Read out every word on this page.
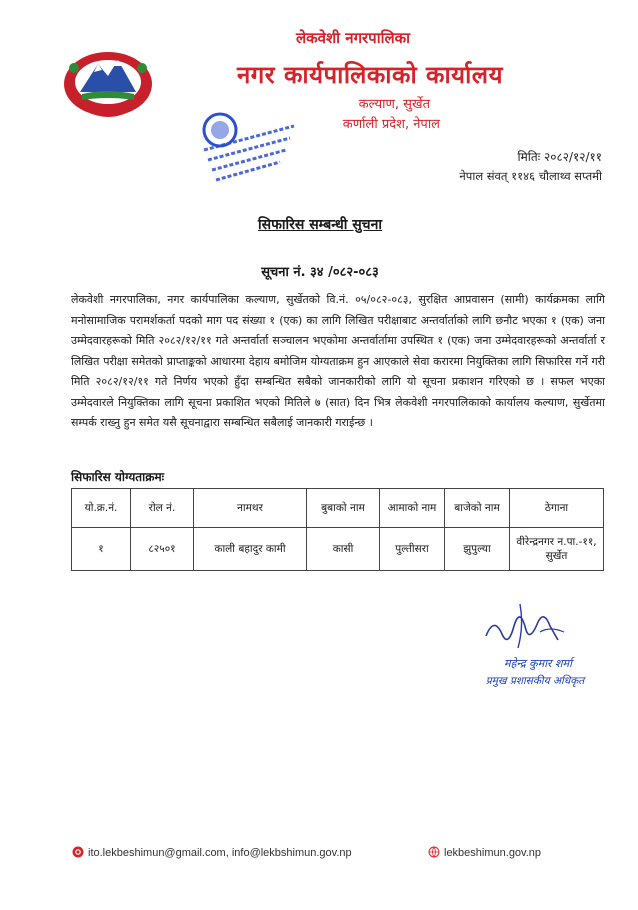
लेकवेशी नगरपालिका
नगर कार्यपालिकाको कार्यालय
कल्याण, सुर्खेत
कर्णाली प्रदेश, नेपाल
मितिः २०८२/१२/११
नेपाल संवत् ११४६ चौलाथ्व सप्तमी
सिफारिस सम्बन्धी सुचना
सूचना नं. ३४ /०८२-०८३
लेकवेशी नगरपालिका, नगर कार्यपालिका कल्याण, सुर्खेतको वि.नं. ०५/०८२-०८३, सुरक्षित आप्रवासन (सामी) कार्यक्रमका लागि मनोसामाजिक परामर्शकर्ता पदको माग पद संख्या १ (एक) का लागि लिखित परीक्षाबाट अन्तर्वार्ताको लागि छनौट भएका १ (एक) जना उम्मेदवारहरूको मिति २०८२/१२/११ गते अन्तर्वार्ता सञ्चालन भएकोमा अन्तर्वार्तामा उपस्थित १ (एक) जना उम्मेदवारहरूको अन्तर्वार्ता र लिखित परीक्षा समेतको प्राप्ताङ्कको आधारमा देहाय बमोजिम योग्यताक्रम हुन आएकाले सेवा करारमा नियुक्तिका लागि सिफारिस गर्ने गरी मिति २०८२/१२/११ गते निर्णय भएको हुँदा सम्बन्धित सबैको जानकारीको लागि यो सूचना प्रकाशन गरिएको छ । सफल भएका उम्मेदवारले नियुक्तिका लागि सूचना प्रकाशित भएको मितिले ७ (सात) दिन भित्र लेकवेशी नगरपालिकाको कार्यालय कल्याण, सुर्खेतमा सम्पर्क राख्नु हुन समेत यसै सूचनाद्वारा सम्बन्धित सबैलाई जानकारी गराईन्छ ।
सिफारिस योग्यताक्रमः
यो.क्र.नं.	रोल नं.	नामथर	बुबाको नाम	आमाको नाम	बाजेको नाम	ठेगाना
१	८२५०१	काली बहादुर कामी	कासी	पुल्तीसरा	झुपुल्या	वीरेन्द्रनगर न.पा.-११, सुर्खेत
महेन्द्र कुमार शर्मा
प्रमुख प्रशासकीय अधिकृत
ito.lekbeshimun@gmail.com, info@lekbshimun.gov.np	lekbeshimun.gov.np
